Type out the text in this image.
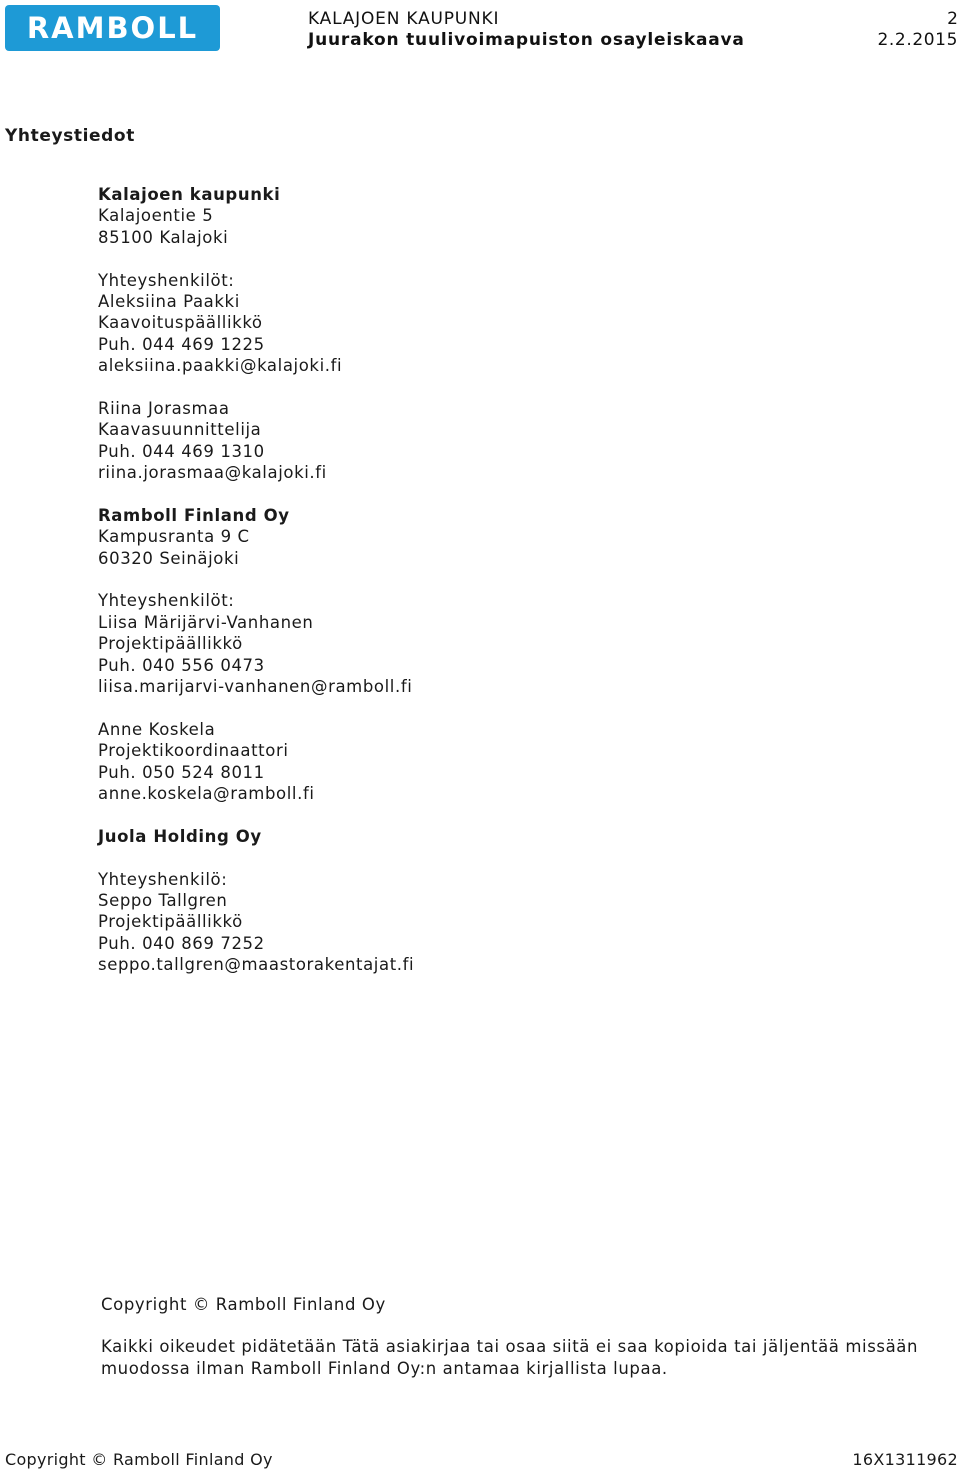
RAMBOLL	KALAJOEN KAUPUNKI
Juurakon tuulivoimapuiston osayleiskaava
2
2.2.2015
Yhteystiedot
Kalajoen kaupunki
Kalajoentie 5
85100 Kalajoki
Yhteyshenkilöt:
Aleksiina Paakki
Kaavoituspäällikkö
Puh. 044 469 1225
aleksiina.paakki@kalajoki.fi
Riina Jorasmaa
Kaavasuunnittelija
Puh. 044 469 1310
riina.jorasmaa@kalajoki.fi
Ramboll Finland Oy
Kampusranta 9 C
60320 Seinäjoki
Yhteyshenkilöt:
Liisa Märijärvi-Vanhanen
Projektipäällikkö
Puh. 040 556 0473
liisa.marijarvi-vanhanen@ramboll.fi
Anne Koskela
Projektikoordinaattori
Puh. 050 524 8011
anne.koskela@ramboll.fi
Juola Holding Oy
Yhteyshenkilö:
Seppo Tallgren
Projektipäällikkö
Puh. 040 869 7252
seppo.tallgren@maastorakentajat.fi
Copyright © Ramboll Finland Oy
Kaikki oikeudet pidätetään Tätä asiakirjaa tai osaa siitä ei saa kopioida tai jäljentää missään
muodossa ilman Ramboll Finland Oy:n antamaa kirjallista lupaa.
Copyright © Ramboll Finland Oy	16X1311962
